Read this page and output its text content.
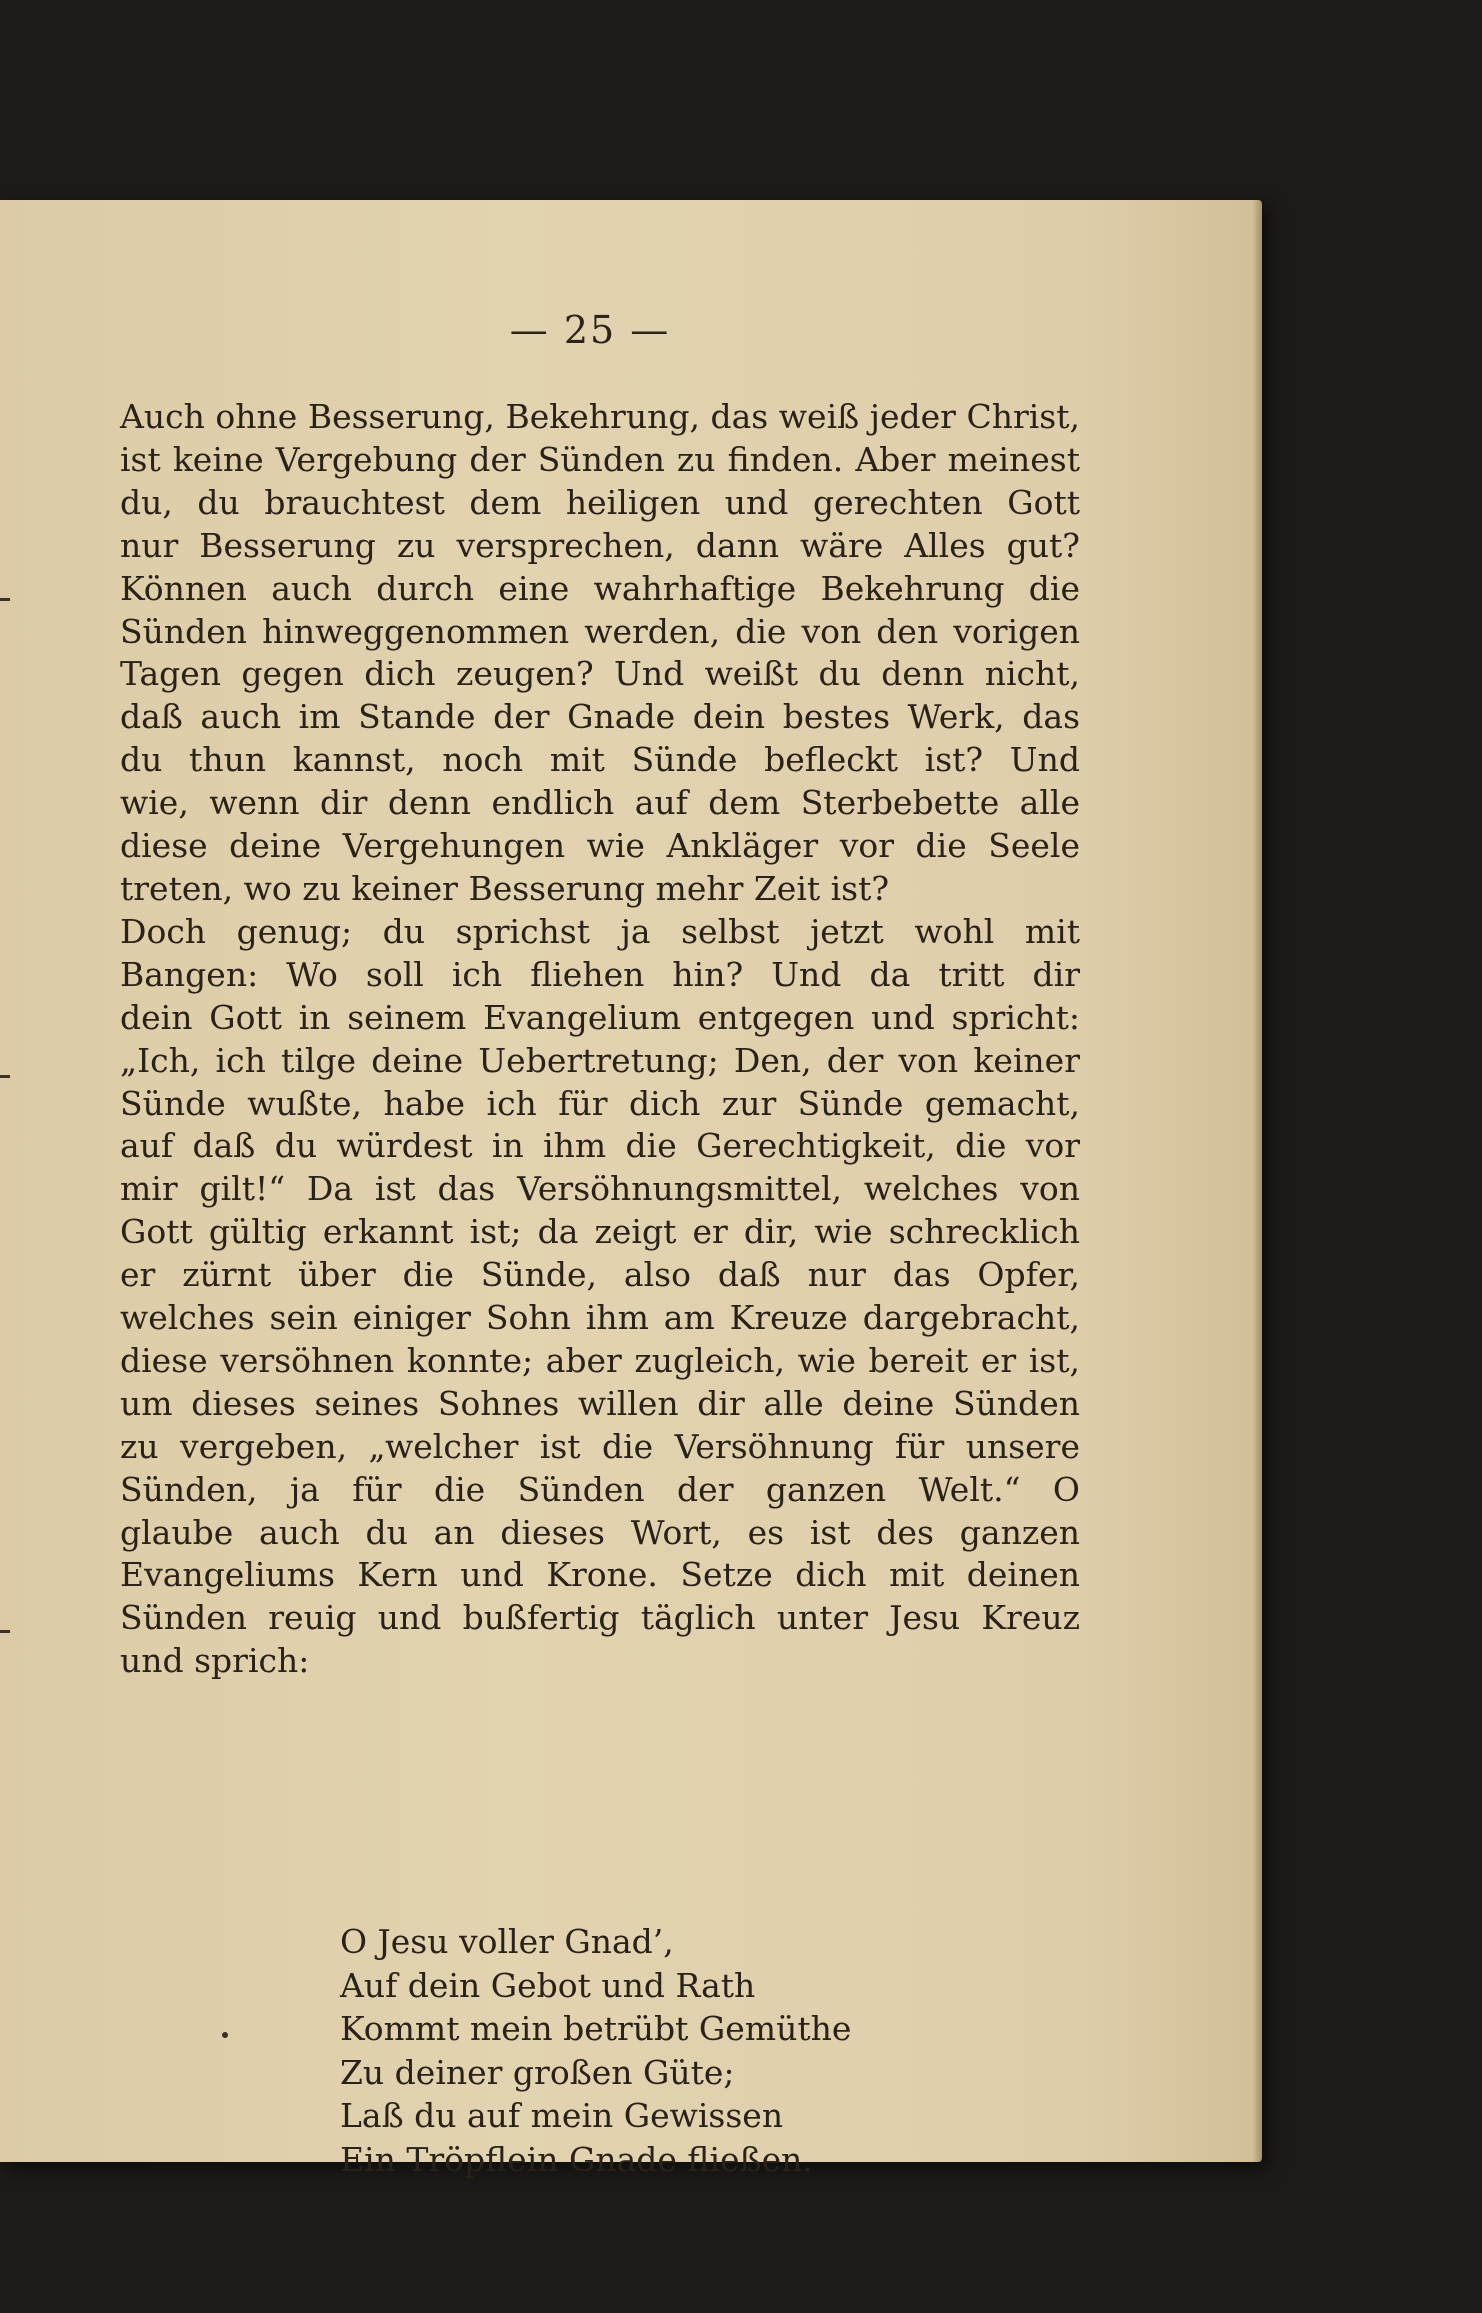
— 25 —
Auch ohne Besserung, Bekehrung, das weiß jeder Christ,
ist keine Vergebung der Sünden zu finden. Aber meinest
du, du brauchtest dem heiligen und gerechten Gott
nur Besserung zu versprechen, dann wäre Alles gut?
Können auch durch eine wahrhaftige Bekehrung die
Sünden hinweggenommen werden, die von den vorigen
Tagen gegen dich zeugen? Und weißt du denn nicht,
daß auch im Stande der Gnade dein bestes Werk, das
du thun kannst, noch mit Sünde befleckt ist? Und
wie, wenn dir denn endlich auf dem Sterbebette alle
diese deine Vergehungen wie Ankläger vor die Seele
treten, wo zu keiner Besserung mehr Zeit ist?
Doch genug; du sprichst ja selbst jetzt wohl mit
Bangen: Wo soll ich fliehen hin? Und da tritt dir
dein Gott in seinem Evangelium entgegen und spricht:
„Ich, ich tilge deine Uebertretung; Den, der von keiner
Sünde wußte, habe ich für dich zur Sünde gemacht,
auf daß du würdest in ihm die Gerechtigkeit, die vor
mir gilt!“ Da ist das Versöhnungsmittel, welches von
Gott gültig erkannt ist; da zeigt er dir, wie schrecklich
er zürnt über die Sünde, also daß nur das Opfer,
welches sein einiger Sohn ihm am Kreuze dargebracht,
diese versöhnen konnte; aber zugleich, wie bereit er ist,
um dieses seines Sohnes willen dir alle deine Sünden
zu vergeben, „welcher ist die Versöhnung für unsere
Sünden, ja für die Sünden der ganzen Welt.“ O
glaube auch du an dieses Wort, es ist des ganzen
Evangeliums Kern und Krone. Setze dich mit deinen
Sünden reuig und bußfertig täglich unter Jesu Kreuz
und sprich:
O Jesu voller Gnad’,
Auf dein Gebot und Rath
Kommt mein betrübt Gemüthe
Zu deiner großen Güte;
Laß du auf mein Gewissen
Ein Tröpflein Gnade fließen.
